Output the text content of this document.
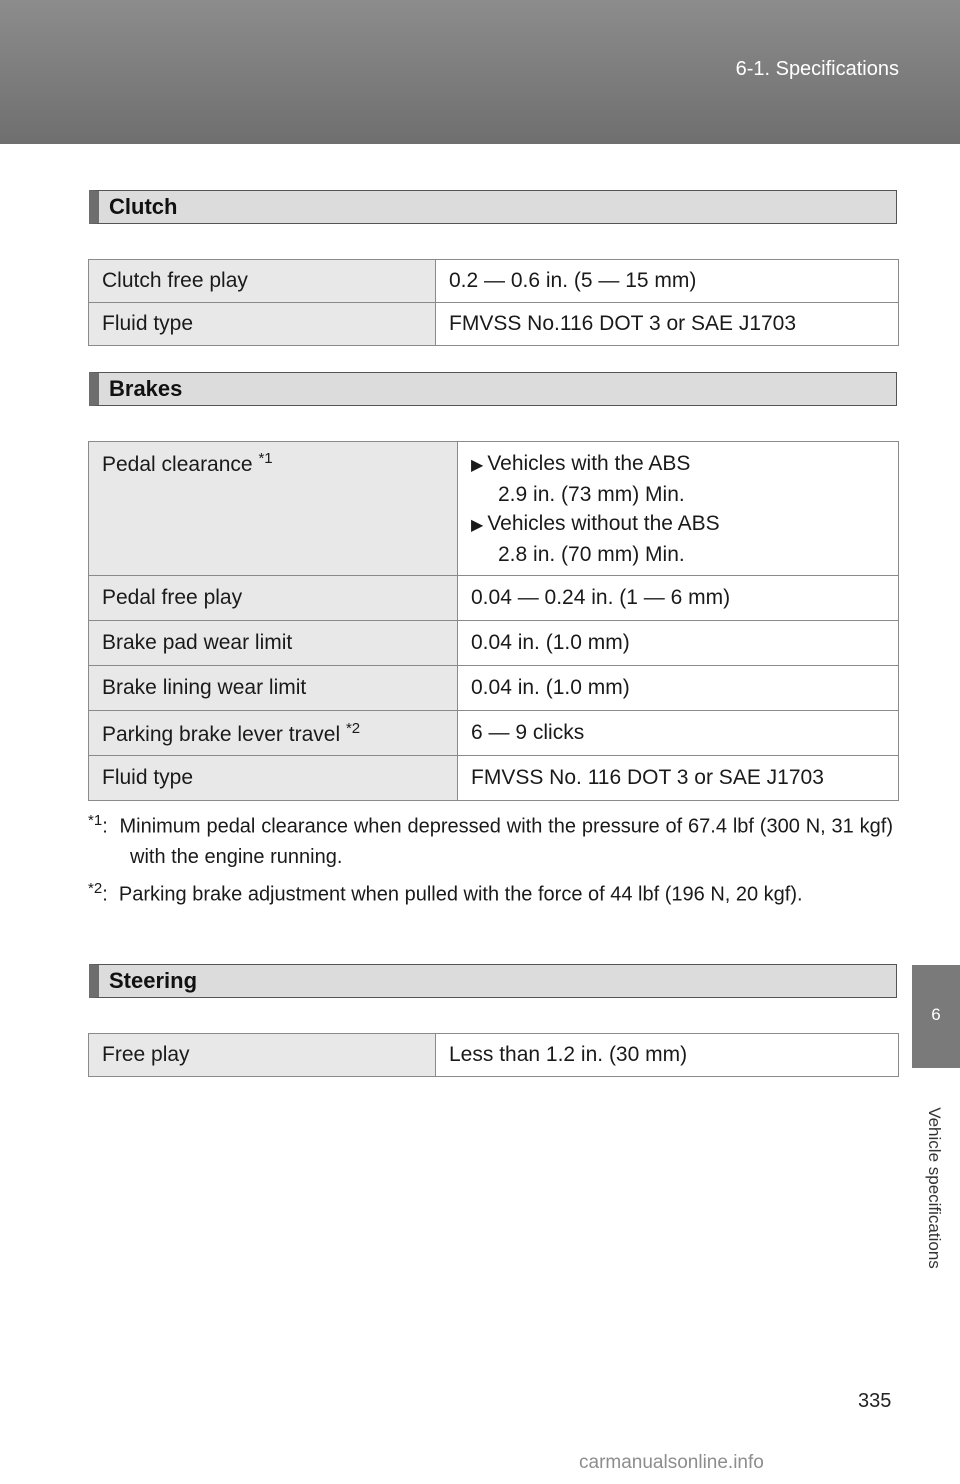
6-1. Specifications
6
Vehicle specifications
Clutch
Clutch free play	0.2 — 0.6 in. (5 — 15 mm)
Fluid type	FMVSS No.116 DOT 3 or SAE J1703
Brakes
Pedal clearance $^{*1}$	▶ Vehicles with the ABS
2.9 in. (73 mm) Min.
▶ Vehicles without the ABS
2.8 in. (70 mm) Min.

Pedal free play	0.04 — 0.24 in. (1 — 6 mm)
Brake pad wear limit	0.04 in. (1.0 mm)
Brake lining wear limit	0.04 in. (1.0 mm)
Parking brake lever travel $^{*2}$	6 — 9 clicks
Fluid type	FMVSS No. 116 DOT 3 or SAE J1703
$^{*1}$:  Minimum pedal clearance when depressed with the pressure of 67.4 lbf (300 N, 31 kgf) with the engine running.
$^{*2}$:  Parking brake adjustment when pulled with the force of 44 lbf (196 N, 20 kgf).
Steering
Free play	Less than 1.2 in. (30 mm)
335
carmanualsonline.info
